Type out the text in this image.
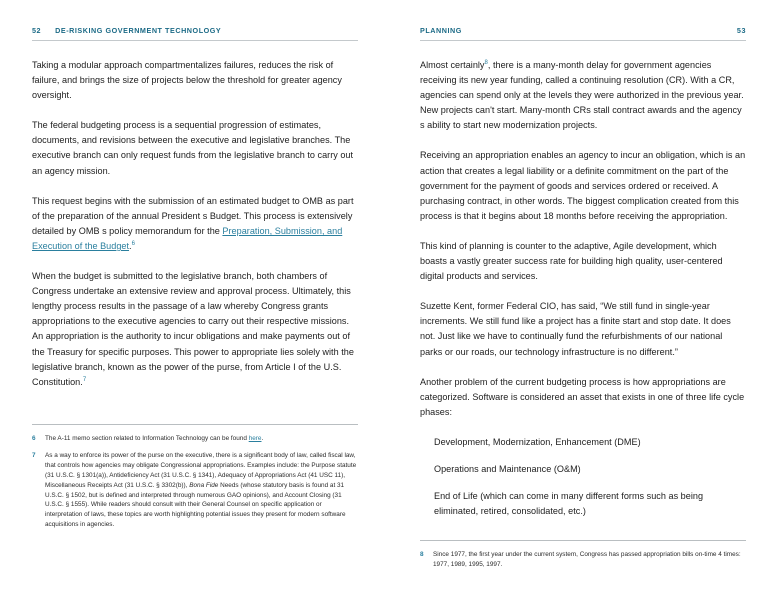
52 DE-RISKING GOVERNMENT TECHNOLOGY

Taking a modular approach compartmentalizes failures, reduces the risk of failure, and brings the size of projects below the threshold for greater agency oversight.

The federal budgeting process is a sequential progression of estimates, documents, and revisions between the executive and legislative branches. The executive branch can only request funds from the legislative branch to carry out an agency mission.

This request begins with the submission of an estimated budget to OMB as part of the preparation of the annual President s Budget. This process is extensively detailed by OMB s policy memorandum for the Preparation, Submission, and Execution of the Budget.$^6$

When the budget is submitted to the legislative branch, both chambers of Congress undertake an extensive review and approval process. Ultimately, this lengthy process results in the passage of a law whereby Congress grants appropriations to the executive agencies to carry out their respective missions. An appropriation is the authority to incur obligations and make payments out of the Treasury for specific purposes. This power to appropriate lies solely with the legislative branch, known as the power of the purse, from Article I of the U.S. Constitution.$^7$

6	The A-11 memo section related to Information Technology can be found here.
7	As a way to enforce its power of the purse on the executive, there is a significant body of law, called fiscal law, that controls how agencies may obligate Congressional appropriations. Examples include: the Purpose statute (31 U.S.C. § 1301(a)), Antideficiency Act (31 U.S.C. § 1341), Adequacy of Appropriations Act (41 USC 11), Miscellaneous Receipts Act (31 U.S.C. § 3302(b)), Bona Fide Needs (whose statutory basis is found at 31 U.S.C. § 1502, but is defined and interpreted through numerous GAO opinions), and Account Closing (31 U.S.C. § 1555). While readers should consult with their General Counsel on specific application or interpretation of laws, these topics are worth highlighting potential issues they present for modern software acquisitions in agencies.
PLANNING	53

Almost certainly$^8$, there is a many-month delay for government agencies receiving its new year funding, called a continuing resolution (CR). With a CR, agencies can spend only at the levels they were authorized in the previous year. New projects can't start. Many-month CRs stall contract awards and the agency s ability to start new modernization projects.

Receiving an appropriation enables an agency to incur an obligation, which is an action that creates a legal liability or a definite commitment on the part of the government for the payment of goods and services ordered or received. A purchasing contract, in other words. The biggest complication created from this process is that it begins about 18 months before receiving the appropriation.

This kind of planning is counter to the adaptive, Agile development, which boasts a vastly greater success rate for building high quality, user-centered digital products and services.

Suzette Kent, former Federal CIO, has said, “We still fund in single-year increments. We still fund like a project has a finite start and stop date. It does not. Just like we have to continually fund the refurbishments of our national parks or our roads, our technology infrastructure is no different.”

Another problem of the current budgeting process is how appropriations are categorized. Software is considered an asset that exists in one of three life cycle phases:

Development, Modernization, Enhancement (DME)
Operations and Maintenance (O&M)
End of Life (which can come in many different forms such as being eliminated, retired, consolidated, etc.)
8	Since 1977, the first year under the current system, Congress has passed appropriation bills on-time 4 times: 1977, 1989, 1995, 1997.
